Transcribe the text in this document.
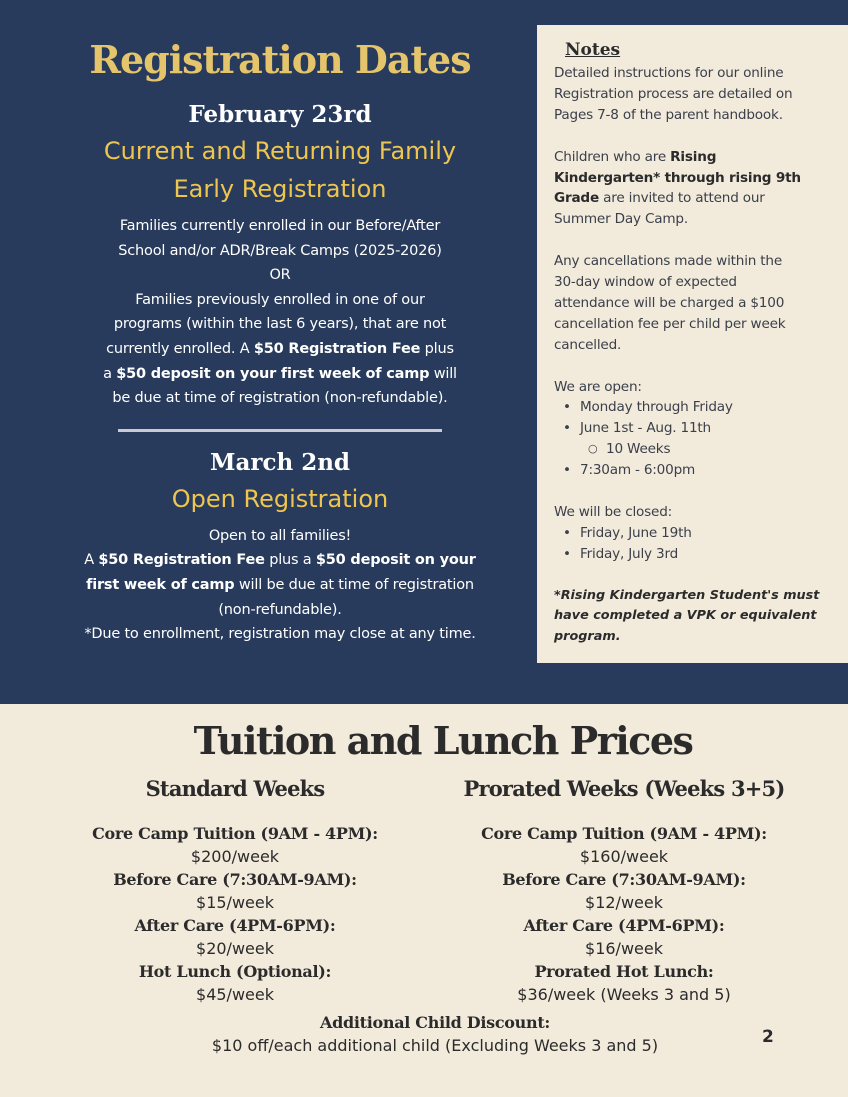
Registration Dates
February 23rd
Current and Returning Family
Early Registration
Families currently enrolled in our Before/After
School and/or ADR/Break Camps (2025-2026)
OR
Families previously enrolled in one of our
programs (within the last 6 years), that are not
currently enrolled. A $50 Registration Fee plus
a $50 deposit on your first week of camp will
be due at time of registration (non-refundable).
March 2nd
Open Registration
Open to all families!
A $50 Registration Fee plus a $50 deposit on your
first week of camp will be due at time of registration
(non-refundable).
*Due to enrollment, registration may close at any time.
Notes
Detailed instructions for our online
Registration process are detailed on
Pages 7-8 of the parent handbook.
Children who are Rising
Kindergarten* through rising 9th
Grade are invited to attend our
Summer Day Camp.
Any cancellations made within the
30-day window of expected
attendance will be charged a $100
cancellation fee per child per week
cancelled.
We are open:
• Monday through Friday
• June 1st - Aug. 11th
○ 10 Weeks
• 7:30am - 6:00pm
We will be closed:
• Friday, June 19th
• Friday, July 3rd
*Rising Kindergarten Student's must
have completed a VPK or equivalent
program.
Tuition and Lunch Prices
Standard Weeks
Core Camp Tuition (9AM - 4PM):
$200/week
Before Care (7:30AM-9AM):
$15/week
After Care (4PM-6PM):
$20/week
Hot Lunch (Optional):
$45/week
Prorated Weeks (Weeks 3+5)
Core Camp Tuition (9AM - 4PM):
$160/week
Before Care (7:30AM-9AM):
$12/week
After Care (4PM-6PM):
$16/week
Prorated Hot Lunch:
$36/week (Weeks 3 and 5)
Additional Child Discount:
$10 off/each additional child (Excluding Weeks 3 and 5)	2
